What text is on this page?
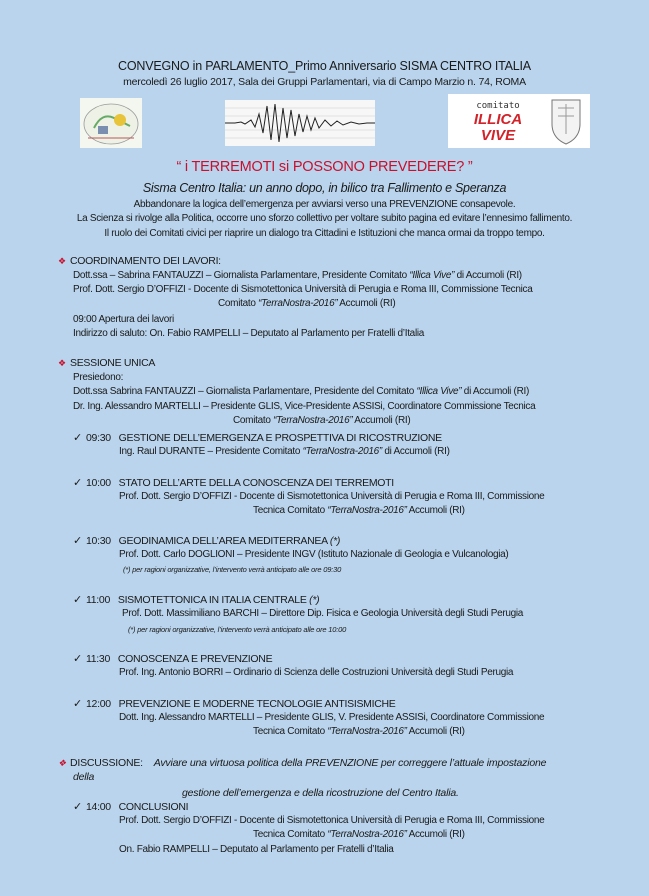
CONVEGNO in PARLAMENTO_Primo Anniversario SISMA CENTRO ITALIA
mercoledì 26 luglio 2017, Sala dei Gruppi Parlamentari, via di Campo Marzio n. 74, ROMA
comitato
ILLICA
VIVE
“ i TERREMOTI si POSSONO PREVEDERE? ”
Sisma Centro Italia: un anno dopo, in bilico tra Fallimento e Speranza
Abbandonare la logica dell’emergenza per avviarsi verso una PREVENZIONE consapevole.
La Scienza si rivolge alla Politica, occorre uno sforzo collettivo per voltare subito pagina ed evitare l’ennesimo fallimento.
Il ruolo dei Comitati civici per riaprire un dialogo tra Cittadini e Istituzioni che manca ormai da troppo tempo.
❖ COORDINAMENTO DEI LAVORI:
Dott.ssa – Sabrina FANTAUZZI – Giornalista Parlamentare, Presidente Comitato “Illica Vive” di Accumoli (RI)
Prof. Dott. Sergio D’OFFIZI - Docente di Sismotettonica Università di Perugia e Roma III, Commissione Tecnica
Comitato “TerraNostra-2016” Accumoli (RI)
09:00 Apertura dei lavori
Indirizzo di saluto: On. Fabio RAMPELLI – Deputato al Parlamento per Fratelli d’Italia
❖ SESSIONE UNICA
Presiedono:
Dott.ssa Sabrina FANTAUZZI – Giornalista Parlamentare, Presidente del Comitato “Illica Vive” di Accumoli (RI)
Dr. Ing. Alessandro MARTELLI – Presidente GLIS, Vice-Presidente ASSISi, Coordinatore Commissione Tecnica
Comitato “TerraNostra-2016” Accumoli (RI)
✓ 09:30 GESTIONE DELL’EMERGENZA E PROSPETTIVA DI RICOSTRUZIONE
Ing. Raul DURANTE – Presidente Comitato “TerraNostra-2016” di Accumoli (RI)
✓ 10:00 STATO DELL’ARTE DELLA CONOSCENZA DEI TERREMOTI
Prof. Dott. Sergio D’OFFIZI - Docente di Sismotettonica Università di Perugia e Roma III, Commissione
Tecnica Comitato “TerraNostra-2016” Accumoli (RI)
✓ 10:30 GEODINAMICA DELL’AREA MEDITERRANEA (*)
Prof. Dott. Carlo DOGLIONI – Presidente INGV (Istituto Nazionale di Geologia e Vulcanologia)
(*) per ragioni organizzative, l’intervento verrà anticipato alle ore 09:30
✓ 11:00 SISMOTETTONICA IN ITALIA CENTRALE (*)
Prof. Dott. Massimiliano BARCHI – Direttore Dip. Fisica e Geologia Università degli Studi Perugia
(*) per ragioni organizzative, l’intervento verrà anticipato alle ore 10:00
✓ 11:30 CONOSCENZA E PREVENZIONE
Prof. Ing. Antonio BORRI – Ordinario di Scienza delle Costruzioni Università degli Studi Perugia
✓ 12:00 PREVENZIONE E MODERNE TECNOLOGIE ANTISISMICHE
Dott. Ing. Alessandro MARTELLI – Presidente GLIS, V. Presidente ASSISi, Coordinatore Commissione
Tecnica Comitato “TerraNostra-2016” Accumoli (RI)
❖ DISCUSSIONE: Avviare una virtuosa politica della PREVENZIONE per correggere l’attuale impostazione
della
gestione dell’emergenza e della ricostruzione del Centro Italia.
✓ 14:00 CONCLUSIONI
Prof. Dott. Sergio D’OFFIZI - Docente di Sismotettonica Università di Perugia e Roma III, Commissione
Tecnica Comitato “TerraNostra-2016” Accumoli (RI)
On. Fabio RAMPELLI – Deputato al Parlamento per Fratelli d’Italia
